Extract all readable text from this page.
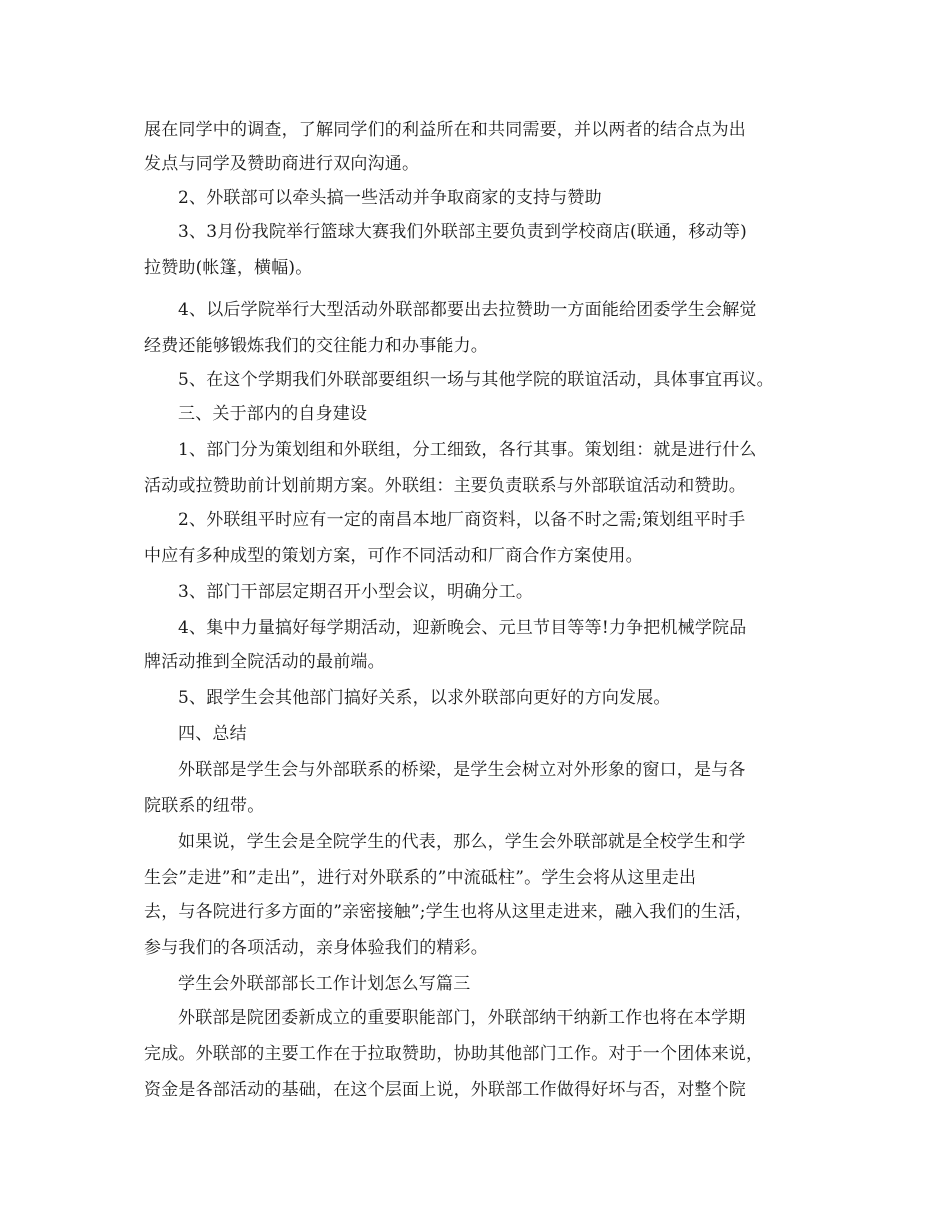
展在同学中的调查，了解同学们的利益所在和共同需要，并以两者的结合点为出
发点与同学及赞助商进行双向沟通。
2、外联部可以牵头搞一些活动并争取商家的支持与赞助
3、3月份我院举行篮球大赛我们外联部主要负责到学校商店(联通，移动等)
拉赞助(帐篷，横幅)。
4、以后学院举行大型活动外联部都要出去拉赞助一方面能给团委学生会解觉
经费还能够锻炼我们的交往能力和办事能力。
5、在这个学期我们外联部要组织一场与其他学院的联谊活动，具体事宜再议。
三、关于部内的自身建设
1、部门分为策划组和外联组，分工细致，各行其事。策划组：就是进行什么
活动或拉赞助前计划前期方案。外联组：主要负责联系与外部联谊活动和赞助。
2、外联组平时应有一定的南昌本地厂商资料，以备不时之需;策划组平时手
中应有多种成型的策划方案，可作不同活动和厂商合作方案使用。
3、部门干部层定期召开小型会议，明确分工。
4、集中力量搞好每学期活动，迎新晚会、元旦节目等等!力争把机械学院品
牌活动推到全院活动的最前端。
5、跟学生会其他部门搞好关系，以求外联部向更好的方向发展。
四、总结
外联部是学生会与外部联系的桥梁，是学生会树立对外形象的窗口，是与各
院联系的纽带。
如果说，学生会是全院学生的代表，那么，学生会外联部就是全校学生和学
生会”走进”和”走出”，进行对外联系的”中流砥柱”。学生会将从这里走出
去，与各院进行多方面的”亲密接触”;学生也将从这里走进来，融入我们的生活，
参与我们的各项活动，亲身体验我们的精彩。
学生会外联部部长工作计划怎么写篇三
外联部是院团委新成立的重要职能部门，外联部纳干纳新工作也将在本学期
完成。外联部的主要工作在于拉取赞助，协助其他部门工作。对于一个团体来说，
资金是各部活动的基础，在这个层面上说，外联部工作做得好坏与否，对整个院
